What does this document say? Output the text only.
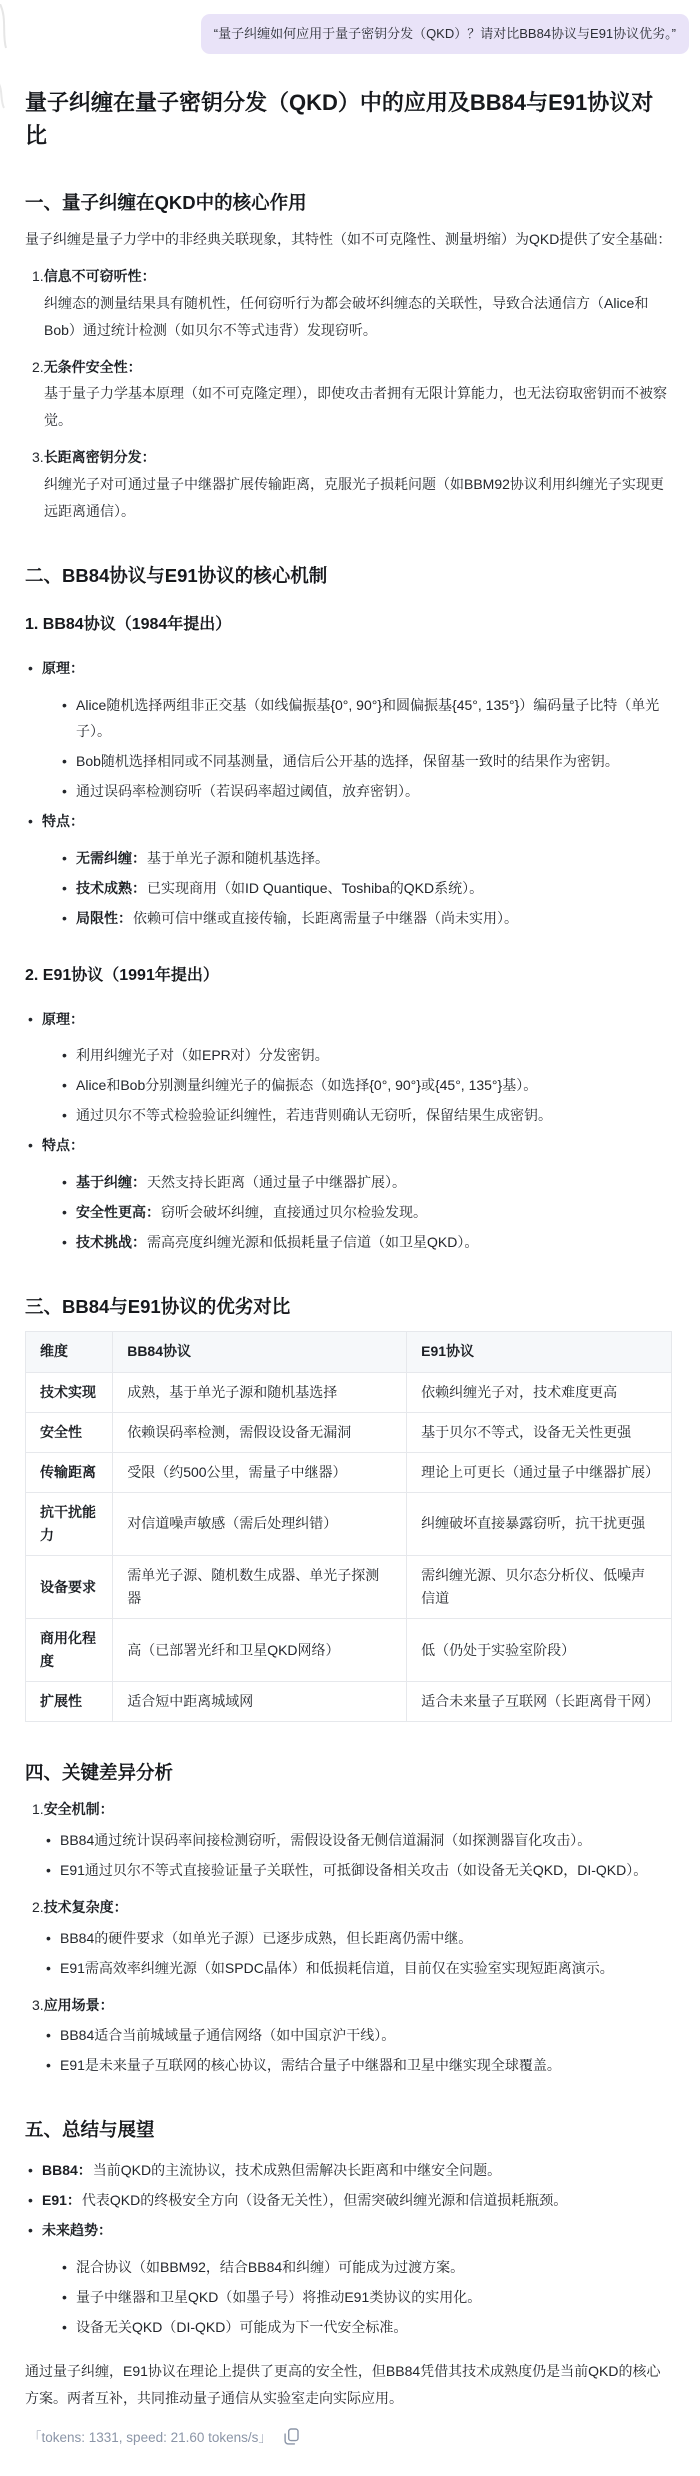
“量子纠缠如何应用于量子密钥分发（QKD）？请对比BB84协议与E91协议优劣。”
量子纠缠在量子密钥分发（QKD）中的应用及BB84与E91协议对比
一、量子纠缠在QKD中的核心作用

量子纠缠是量子力学中的非经典关联现象，其特性（如不可克隆性、测量坍缩）为QKD提供了安全基础：

1.信息不可窃听性：
纠缠态的测量结果具有随机性，任何窃听行为都会破坏纠缠态的关联性，导致合法通信方（Alice和Bob）通过统计检测（如贝尔不等式违背）发现窃听。
2.无条件安全性：
基于量子力学基本原理（如不可克隆定理），即使攻击者拥有无限计算能力，也无法窃取密钥而不被察觉。
3.长距离密钥分发：
纠缠光子对可通过量子中继器扩展传输距离，克服光子损耗问题（如BBM92协议利用纠缠光子实现更远距离通信）。
二、BB84协议与E91协议的核心机制
1. BB84协议（1984年提出）
• 原理：
• Alice随机选择两组非正交基（如线偏振基{0°, 90°}和圆偏振基{45°, 135°}）编码量子比特（单光子）。
• Bob随机选择相同或不同基测量，通信后公开基的选择，保留基一致时的结果作为密钥。
• 通过误码率检测窃听（若误码率超过阈值，放弃密钥）。
• 特点：
• 无需纠缠：基于单光子源和随机基选择。
• 技术成熟：已实现商用（如ID Quantique、Toshiba的QKD系统）。
• 局限性：依赖可信中继或直接传输，长距离需量子中继器（尚未实用）。
2. E91协议（1991年提出）
• 原理：
• 利用纠缠光子对（如EPR对）分发密钥。
• Alice和Bob分别测量纠缠光子的偏振态（如选择{0°, 90°}或{45°, 135°}基）。
• 通过贝尔不等式检验验证纠缠性，若违背则确认无窃听，保留结果生成密钥。
• 特点：
• 基于纠缠：天然支持长距离（通过量子中继器扩展）。
• 安全性更高：窃听会破坏纠缠，直接通过贝尔检验发现。
• 技术挑战：需高亮度纠缠光源和低损耗量子信道（如卫星QKD）。
三、BB84与E91协议的优劣对比
维度	BB84协议	E91协议
技术实现	成熟，基于单光子源和随机基选择	依赖纠缠光子对，技术难度更高
安全性	依赖误码率检测，需假设设备无漏洞	基于贝尔不等式，设备无关性更强
传输距离	受限（约500公里，需量子中继器）	理论上可更长（通过量子中继器扩展）
抗干扰能力	对信道噪声敏感（需后处理纠错）	纠缠破坏直接暴露窃听，抗干扰更强
设备要求	需单光子源、随机数生成器、单光子探测器	需纠缠光源、贝尔态分析仪、低噪声信道
商用化程度	高（已部署光纤和卫星QKD网络）	低（仍处于实验室阶段）
扩展性	适合短中距离城域网	适合未来量子互联网（长距离骨干网）
四、关键差异分析
1.安全机制：
• BB84通过统计误码率间接检测窃听，需假设设备无侧信道漏洞（如探测器盲化攻击）。
• E91通过贝尔不等式直接验证量子关联性，可抵御设备相关攻击（如设备无关QKD，DI-QKD）。
2.技术复杂度：
• BB84的硬件要求（如单光子源）已逐步成熟，但长距离仍需中继。
• E91需高效率纠缠光源（如SPDC晶体）和低损耗信道，目前仅在实验室实现短距离演示。
3.应用场景：
• BB84适合当前城域量子通信网络（如中国京沪干线）。
• E91是未来量子互联网的核心协议，需结合量子中继器和卫星中继实现全球覆盖。
五、总结与展望
• BB84：当前QKD的主流协议，技术成熟但需解决长距离和中继安全问题。
• E91：代表QKD的终极安全方向（设备无关性），但需突破纠缠光源和信道损耗瓶颈。
• 未来趋势：
• 混合协议（如BBM92，结合BB84和纠缠）可能成为过渡方案。
• 量子中继器和卫星QKD（如墨子号）将推动E91类协议的实用化。
• 设备无关QKD（DI-QKD）可能成为下一代安全标准。

通过量子纠缠，E91协议在理论上提供了更高的安全性，但BB84凭借其技术成熟度仍是当前QKD的核心方案。两者互补，共同推动量子通信从实验室走向实际应用。

「tokens: 1331, speed: 21.60 tokens/s」
